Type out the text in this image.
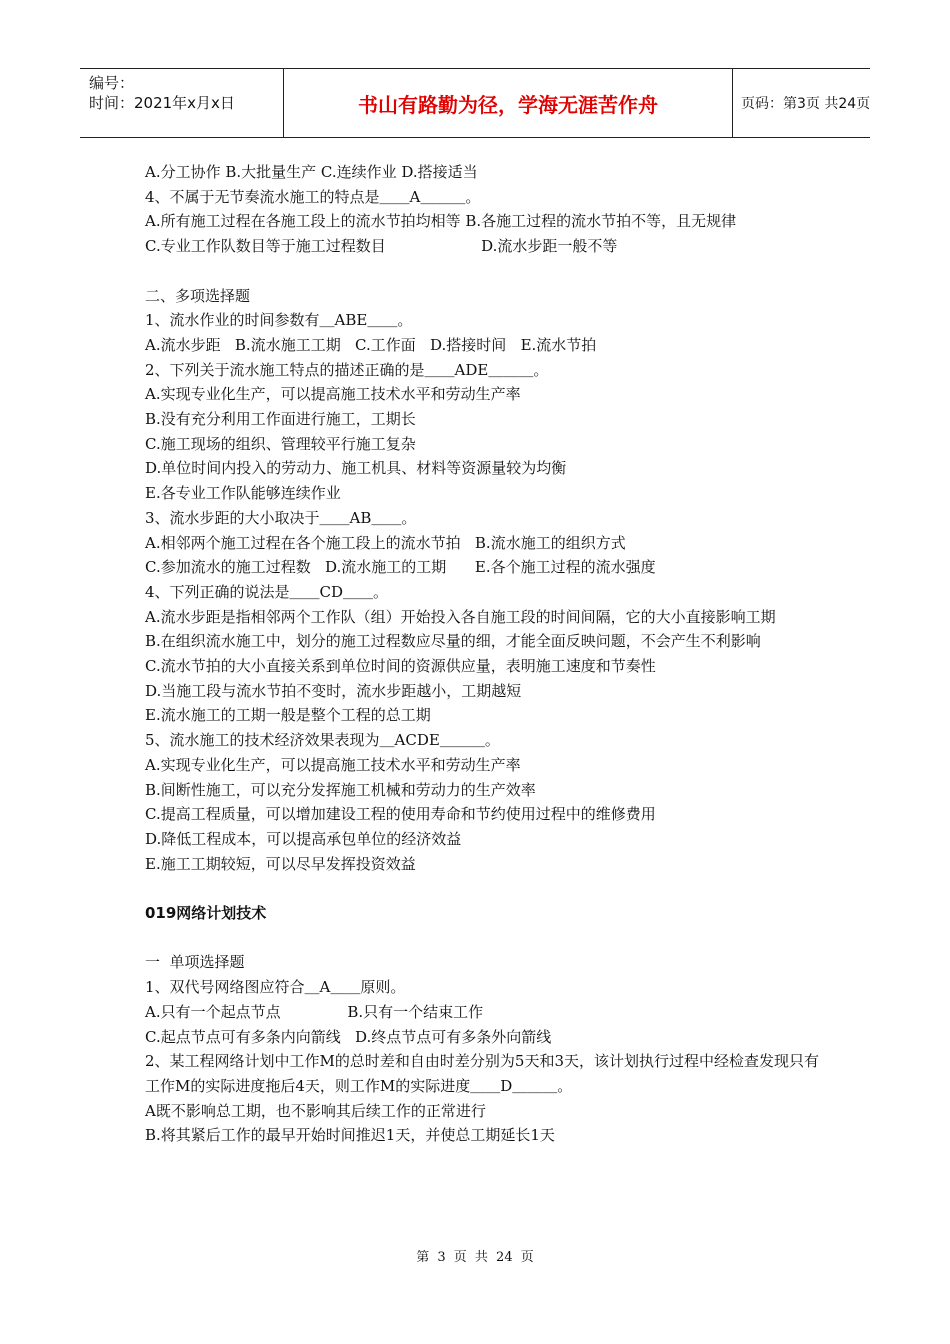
编号：
时间：2021年x月x日	书山有路勤为径，学海无涯苦作舟	页码：第3页 共24页
A.分工协作 B.大批量生产 C.连续作业 D.搭接适当
4、不属于无节奏流水施工的特点是＿＿A＿＿＿。
A.所有施工过程在各施工段上的流水节拍均相等 B.各施工过程的流水节拍不等，且无规律
C.专业工作队数目等于施工过程数目                    D.流水步距一般不等
二、多项选择题
1、流水作业的时间参数有＿ABE＿＿。
A.流水步距   B.流水施工工期   C.工作面   D.搭接时间   E.流水节拍
2、下列关于流水施工特点的描述正确的是＿＿ADE＿＿＿。
A.实现专业化生产，可以提高施工技术水平和劳动生产率
B.没有充分利用工作面进行施工，工期长
C.施工现场的组织、管理较平行施工复杂
D.单位时间内投入的劳动力、施工机具、材料等资源量较为均衡
E.各专业工作队能够连续作业
3、流水步距的大小取决于＿＿AB＿＿。
A.相邻两个施工过程在各个施工段上的流水节拍   B.流水施工的组织方式
C.参加流水的施工过程数   D.流水施工的工期      E.各个施工过程的流水强度
4、下列正确的说法是＿＿CD＿＿。
A.流水步距是指相邻两个工作队（组）开始投入各自施工段的时间间隔，它的大小直接影响工期
B.在组织流水施工中，划分的施工过程数应尽量的细，才能全面反映问题，不会产生不利影响
C.流水节拍的大小直接关系到单位时间的资源供应量，表明施工速度和节奏性
D.当施工段与流水节拍不变时，流水步距越小，工期越短
E.流水施工的工期一般是整个工程的总工期
5、流水施工的技术经济效果表现为＿ACDE＿＿＿。
A.实现专业化生产，可以提高施工技术水平和劳动生产率
B.间断性施工，可以充分发挥施工机械和劳动力的生产效率
C.提高工程质量，可以增加建设工程的使用寿命和节约使用过程中的维修费用
D.降低工程成本，可以提高承包单位的经济效益
E.施工工期较短，可以尽早发挥投资效益
019网络计划技术
一  单项选择题
1、双代号网络图应符合＿A＿＿原则。
A.只有一个起点节点              B.只有一个结束工作
C.起点节点可有多条内向箭线   D.终点节点可有多条外向箭线
2、某工程网络计划中工作M的总时差和自由时差分别为5天和3天，该计划执行过程中经检查发现只有工作M的实际进度拖后4天，则工作M的实际进度＿＿D＿＿＿。
A既不影响总工期，也不影响其后续工作的正常进行
B.将其紧后工作的最早开始时间推迟1天，并使总工期延长1天
第 3 页 共 24 页
